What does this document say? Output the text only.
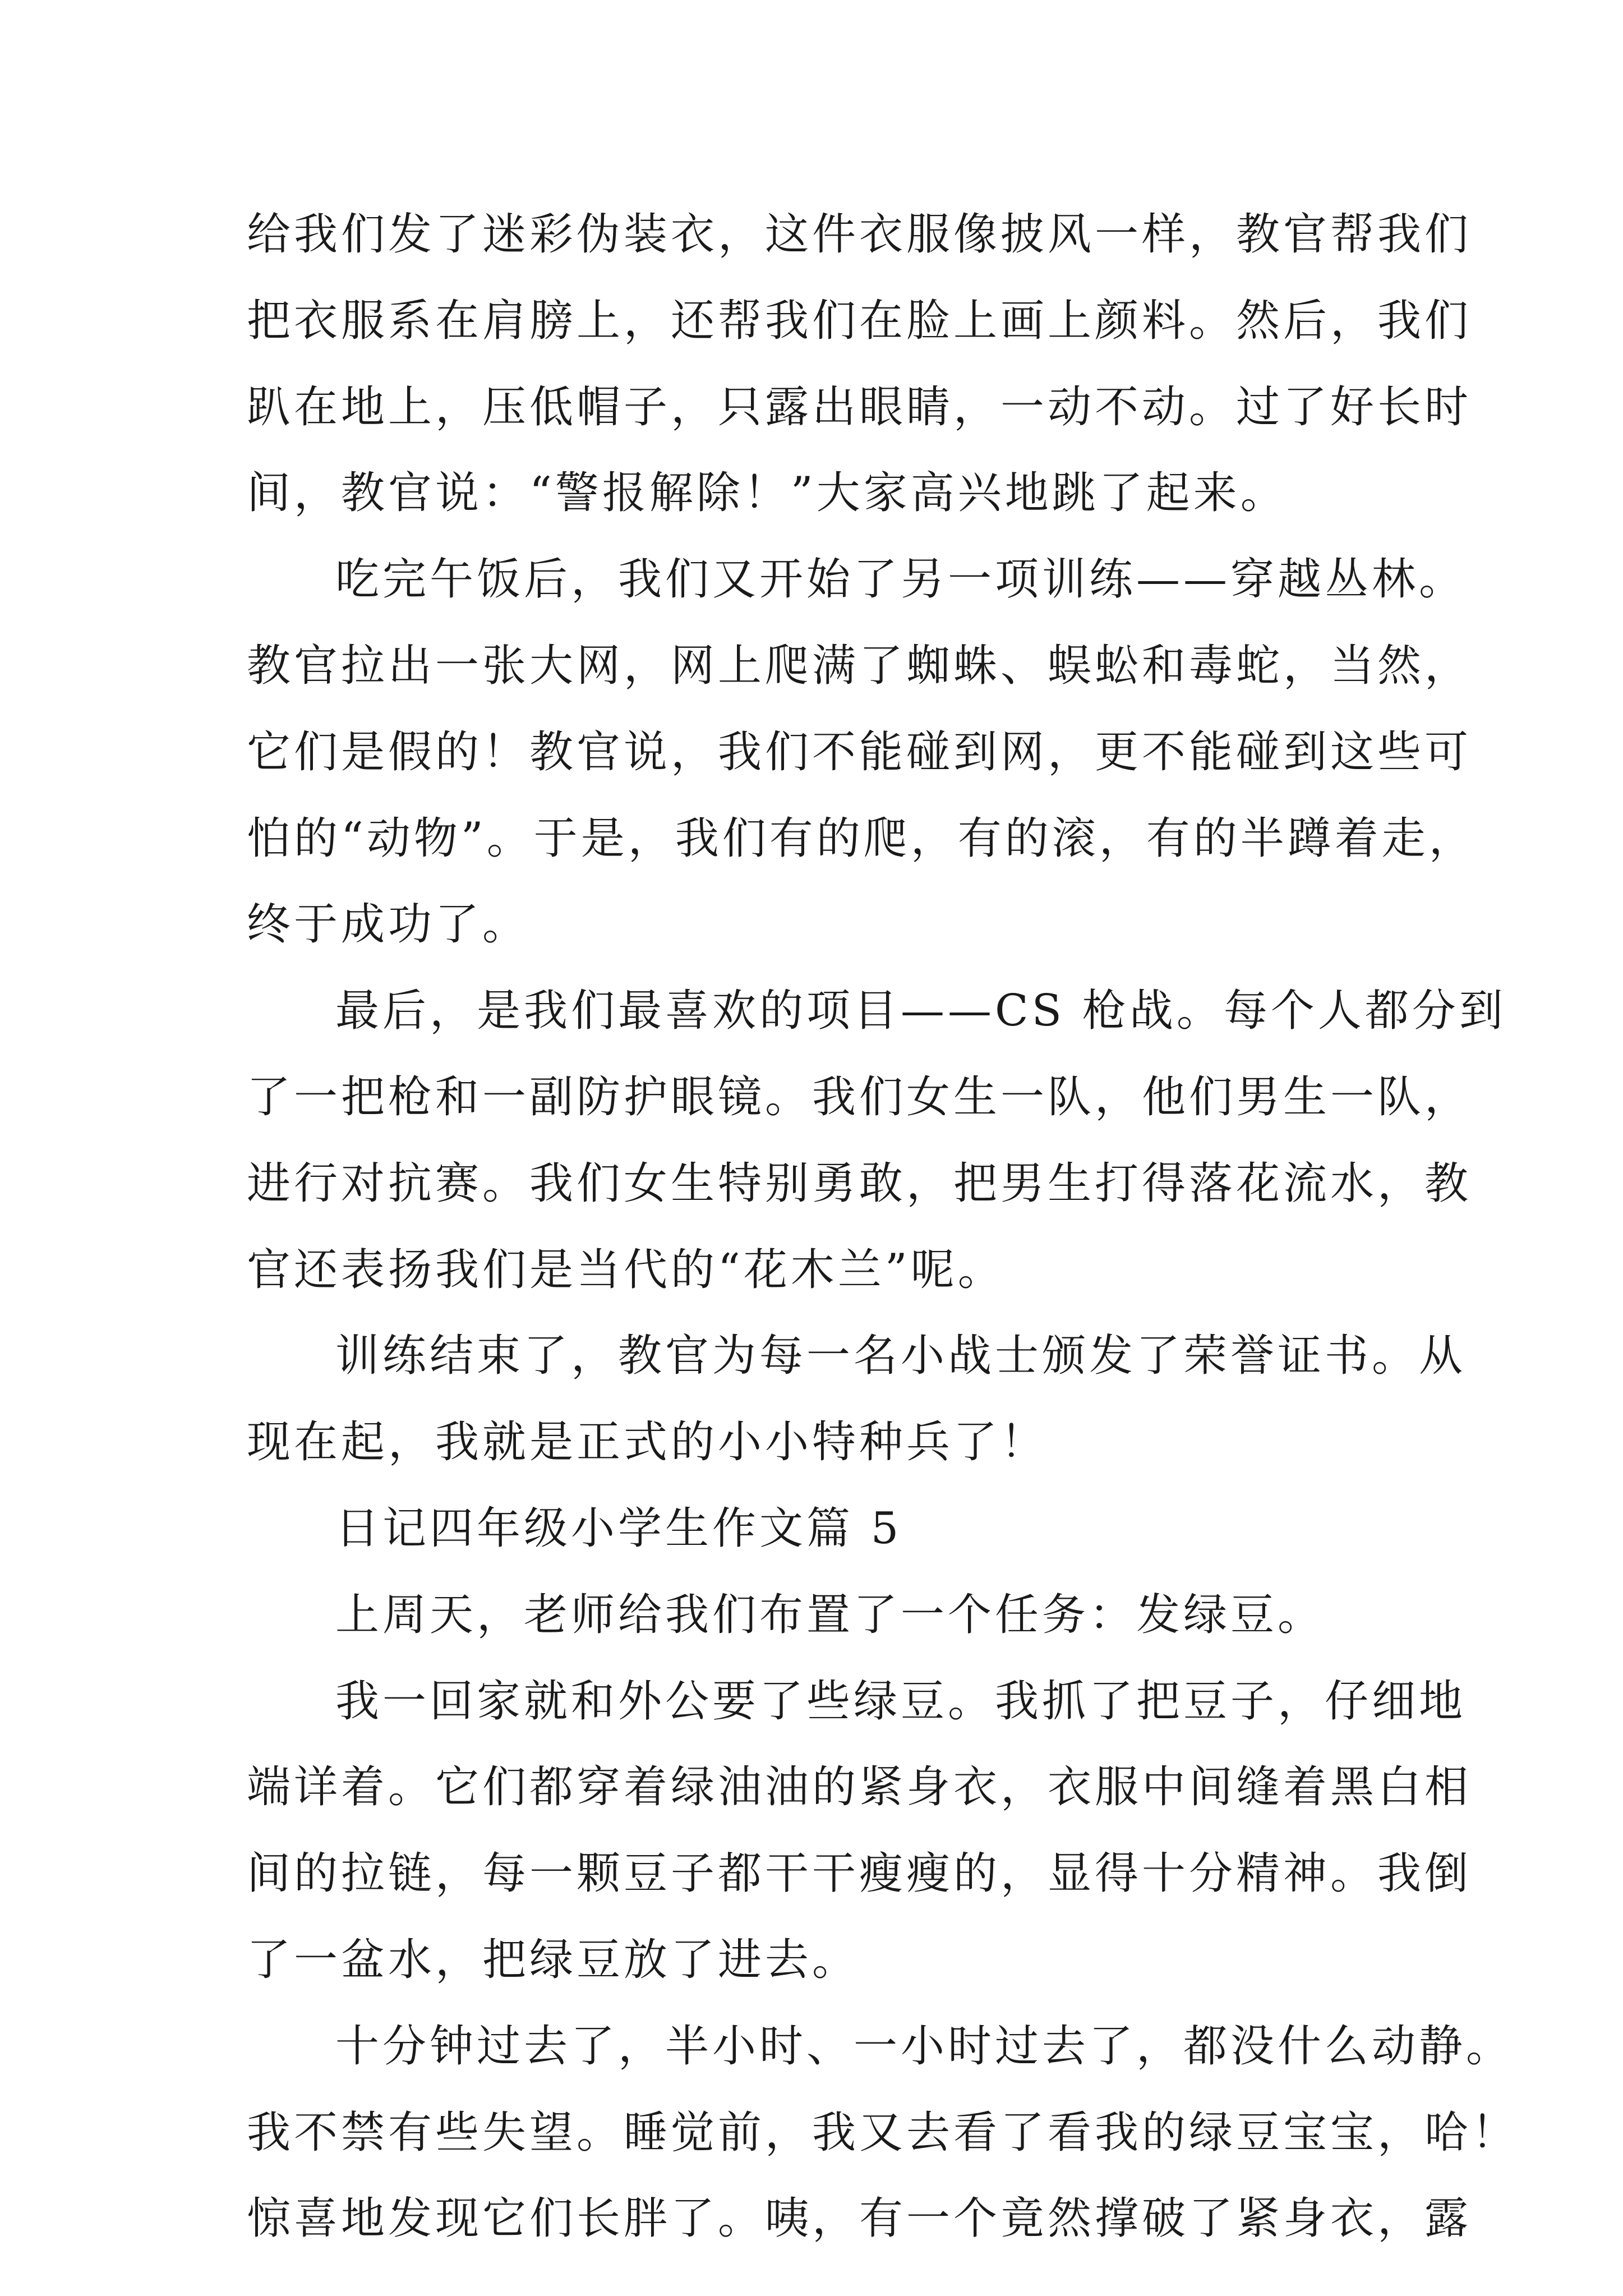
给我们发了迷彩伪装衣，这件衣服像披风一样，教官帮我们
把衣服系在肩膀上，还帮我们在脸上画上颜料。然后，我们
趴在地上，压低帽子，只露出眼睛，一动不动。过了好长时
间，教官说：“警报解除！”大家高兴地跳了起来。
吃完午饭后，我们又开始了另一项训练——穿越丛林。
教官拉出一张大网，网上爬满了蜘蛛、蜈蚣和毒蛇，当然，
它们是假的！教官说，我们不能碰到网，更不能碰到这些可
怕的“动物”。于是，我们有的爬，有的滚，有的半蹲着走，
终于成功了。
最后，是我们最喜欢的项目——CS 枪战。每个人都分到
了一把枪和一副防护眼镜。我们女生一队，他们男生一队，
进行对抗赛。我们女生特别勇敢，把男生打得落花流水，教
官还表扬我们是当代的“花木兰”呢。
训练结束了，教官为每一名小战士颁发了荣誉证书。从
现在起，我就是正式的小小特种兵了！
日记四年级小学生作文篇 5
上周天，老师给我们布置了一个任务：发绿豆。
我一回家就和外公要了些绿豆。我抓了把豆子，仔细地
端详着。它们都穿着绿油油的紧身衣，衣服中间缝着黑白相
间的拉链，每一颗豆子都干干瘦瘦的，显得十分精神。我倒
了一盆水，把绿豆放了进去。
十分钟过去了，半小时、一小时过去了，都没什么动静。
我不禁有些失望。睡觉前，我又去看了看我的绿豆宝宝，哈！
惊喜地发现它们长胖了。咦，有一个竟然撑破了紧身衣，露
